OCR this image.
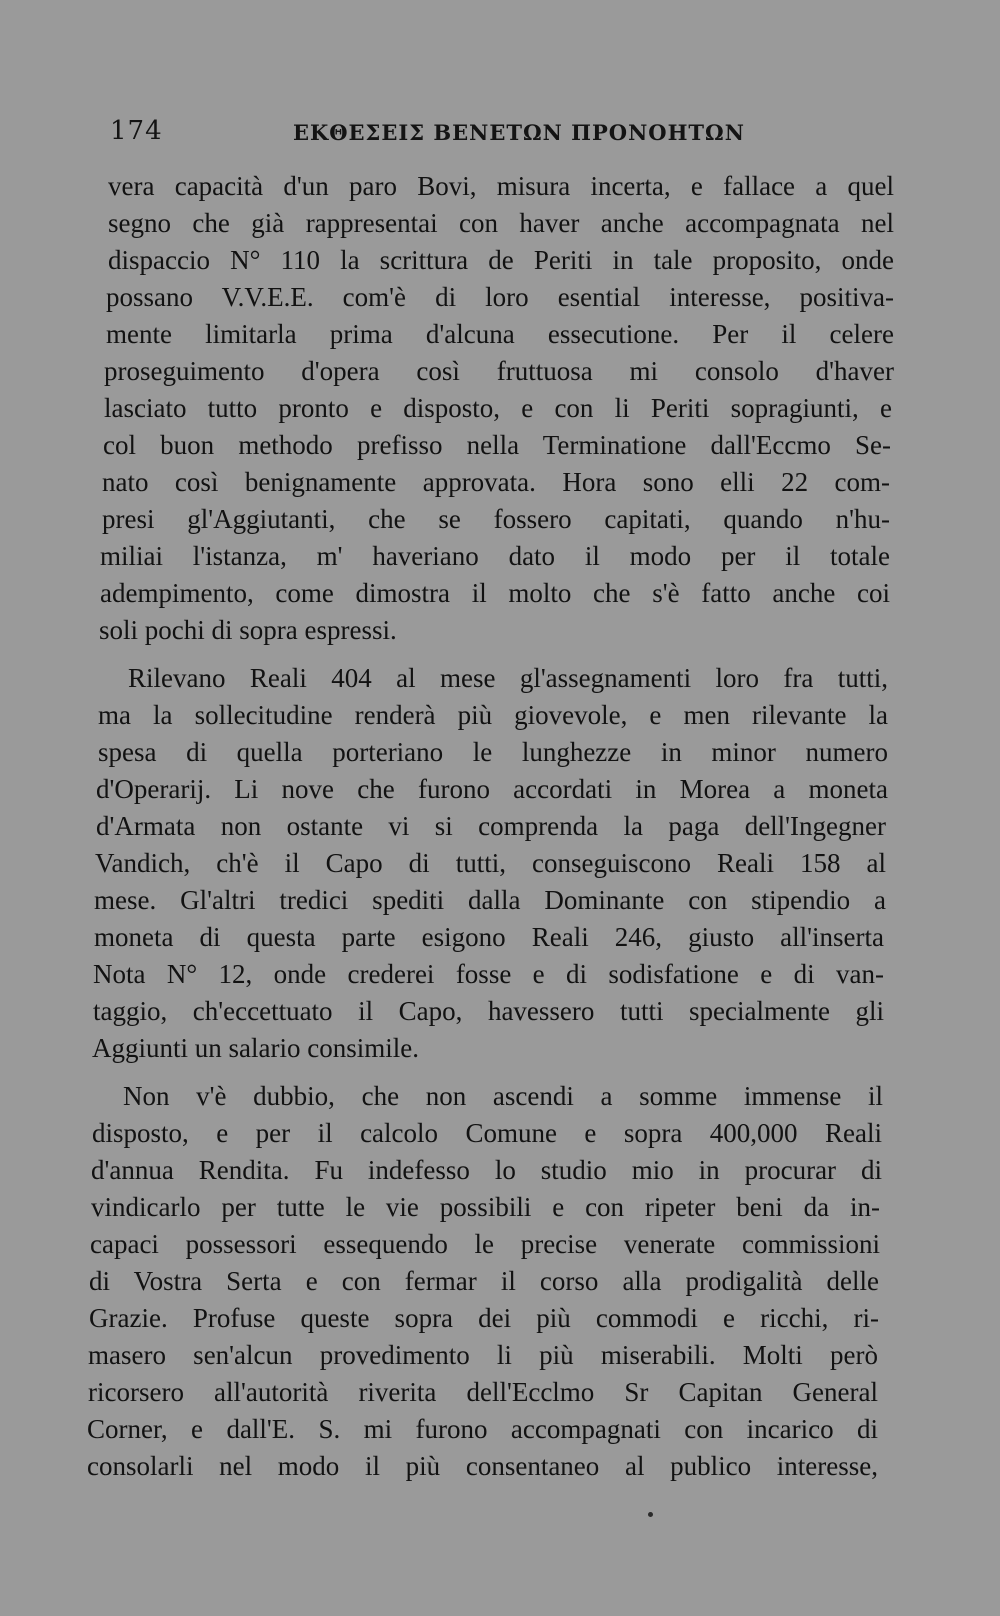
174	ΕΚΘΕΣΕΙΣ ΒΕΝΕΤΩΝ ΠΡΟΝΟΗΤΩΝ
vera capacità d'un paro Bovi, misura incerta, e fallace a quel
segno che già rappresentai con haver anche accompagnata nel
dispaccio N° 110 la scrittura de Periti in tale proposito, onde
possano V.V.E.E. com'è di loro esential interesse, positiva-
mente limitarla prima d'alcuna essecutione. Per il celere
proseguimento d'opera così fruttuosa mi consolo d'haver
lasciato tutto pronto e disposto, e con li Periti sopragiunti, e
col buon methodo prefisso nella Terminatione dall'Eccmo Se-
nato così benignamente approvata. Hora sono elli 22 com-
presi gl'Aggiutanti, che se fossero capitati, quando n'hu-
miliai l'istanza, m' haveriano dato il modo per il totale
adempimento, come dimostra il molto che s'è fatto anche coi
soli pochi di sopra espressi.
Rilevano Reali 404 al mese gl'assegnamenti loro fra tutti,
ma la sollecitudine renderà più giovevole, e men rilevante la
spesa di quella porteriano le lunghezze in minor numero
d'Operarij. Li nove che furono accordati in Morea a moneta
d'Armata non ostante vi si comprenda la paga dell'Ingegner
Vandich, ch'è il Capo di tutti, conseguiscono Reali 158 al
mese. Gl'altri tredici spediti dalla Dominante con stipendio a
moneta di questa parte esigono Reali 246, giusto all'inserta
Nota N° 12, onde crederei fosse e di sodisfatione e di van-
taggio, ch'eccettuato il Capo, havessero tutti specialmente gli
Aggiunti un salario consimile.
Non v'è dubbio, che non ascendi a somme immense il
disposto, e per il calcolo Comune e sopra 400,000 Reali
d'annua Rendita. Fu indefesso lo studio mio in procurar di
vindicarlo per tutte le vie possibili e con ripeter beni da in-
capaci possessori essequendo le precise venerate commissioni
di Vostra Serta e con fermar il corso alla prodigalità delle
Grazie. Profuse queste sopra dei più commodi e ricchi, ri-
masero sen'alcun provedimento li più miserabili. Molti però
ricorsero all'autorità riverita dell'Ecclmo Sr Capitan General
Corner, e dall'E. S. mi furono accompagnati con incarico di
consolarli nel modo il più consentaneo al publico interesse,
